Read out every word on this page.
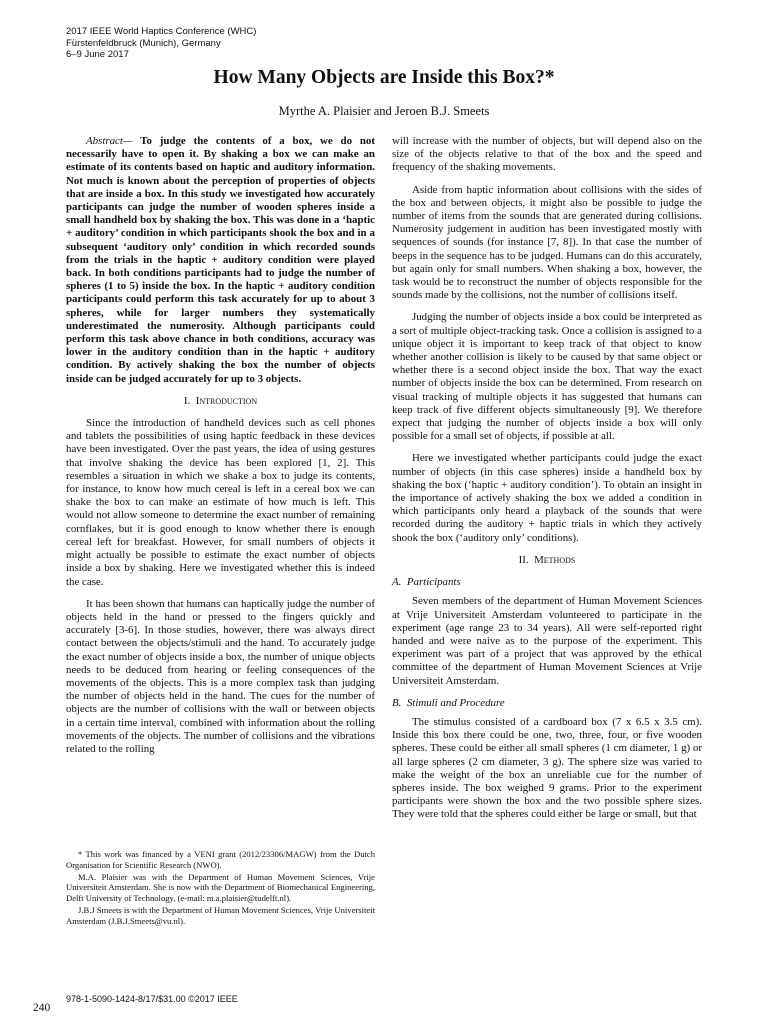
2017 IEEE World Haptics Conference (WHC)
Fürstenfeldbruck (Munich), Germany
6–9 June 2017
How Many Objects are Inside this Box?*
Myrthe A. Plaisier and Jeroen B.J. Smeets

Abstract— To judge the contents of a box, we do not necessarily have to open it. By shaking a box we can make an estimate of its contents based on haptic and auditory information. Not much is known about the perception of properties of objects that are inside a box. In this study we investigated how accurately participants can judge the number of wooden spheres inside a small handheld box by shaking the box. This was done in a ‘haptic + auditory’ condition in which participants shook the box and in a subsequent ‘auditory only’ condition in which recorded sounds from the trials in the haptic + auditory condition were played back. In both conditions participants had to judge the number of spheres (1 to 5) inside the box. In the haptic + auditory condition participants could perform this task accurately for up to about 3 spheres, while for larger numbers they systematically underestimated the numerosity. Although participants could perform this task above chance in both conditions, accuracy was lower in the auditory condition than in the haptic + auditory condition. By actively shaking the box the number of objects inside can be judged accurately for up to 3 objects.

I. Introduction

Since the introduction of handheld devices such as cell phones and tablets the possibilities of using haptic feedback in these devices have been investigated. Over the past years, the idea of using gestures that involve shaking the device has been explored [1, 2]. This resembles a situation in which we shake a box to judge its contents, for instance, to know how much cereal is left in a cereal box we can shake the box to can make an estimate of how much is left. This would not allow someone to determine the exact number of remaining cornflakes, but it is good enough to know whether there is enough cereal left for breakfast. However, for small numbers of objects it might actually be possible to estimate the exact number of objects inside a box by shaking. Here we investigated whether this is indeed the case.

It has been shown that humans can haptically judge the number of objects held in the hand or pressed to the fingers quickly and accurately [3-6]. In those studies, however, there was always direct contact between the objects/stimuli and the hand. To accurately judge the exact number of objects inside a box, the number of unique objects needs to be deduced from hearing or feeling consequences of the movements of the objects. This is a more complex task than judging the number of objects held in the hand. The cues for the number of objects are the number of collisions with the wall or between objects in a certain time interval, combined with information about the rolling movements of the objects. The number of collisions and the vibrations related to the rolling

will increase with the number of objects, but will depend also on the size of the objects relative to that of the box and the speed and frequency of the shaking movements.

Aside from haptic information about collisions with the sides of the box and between objects, it might also be possible to judge the number of items from the sounds that are generated during collisions. Numerosity judgement in audition has been investigated mostly with sequences of sounds (for instance [7, 8]). In that case the number of beeps in the sequence has to be judged. Humans can do this accurately, but again only for small numbers. When shaking a box, however, the task would be to reconstruct the number of objects responsible for the sounds made by the collisions, not the number of collisions itself.

Judging the number of objects inside a box could be interpreted as a sort of multiple object-tracking task. Once a collision is assigned to a unique object it is important to keep track of that object to know whether another collision is likely to be caused by that same object or whether there is a second object inside the box. That way the exact number of objects inside the box can be determined. From research on visual tracking of multiple objects it has suggested that humans can keep track of five different objects simultaneously [9]. We therefore expect that judging the number of objects inside a box will only possible for a small set of objects, if possible at all.

Here we investigated whether participants could judge the exact number of objects (in this case spheres) inside a handheld box by shaking the box (‘haptic + auditory condition’). To obtain an insight in the importance of actively shaking the box we added a condition in which participants only heard a playback of the sounds that were recorded during the auditory + haptic trials in which they actively shook the box (‘auditory only’ conditions).

II. Methods
A. Participants

Seven members of the department of Human Movement Sciences at Vrije Universiteit Amsterdam volunteered to participate in the experiment (age range 23 to 34 years). All were self-reported right handed and were naive as to the purpose of the experiment. This experiment was part of a project that was approved by the ethical committee of the department of Human Movement Sciences at Vrije Universiteit Amsterdam.

B. Stimuli and Procedure

The stimulus consisted of a cardboard box (7 x 6.5 x 3.5 cm). Inside this box there could be one, two, three, four, or five wooden spheres. These could be either all small spheres (1 cm diameter, 1 g) or all large spheres (2 cm diameter, 3 g). The sphere size was varied to make the weight of the box an unreliable cue for the number of spheres inside. The box weighed 9 grams. Prior to the experiment participants were shown the box and the two possible sphere sizes. They were told that the spheres could either be large or small, but that

* This work was financed by a VENI grant (2012/23306/MAGW) from the Dutch Organisation for Scientific Research (NWO).

M.A. Plaisier was with the Department of Human Movement Sciences, Vrije Universiteit Amsterdam. She is now with the Department of Biomechanical Engineering, Delft University of Technology, (e-mail: m.a.plaisier@tudelft.nl).

J.B.J Smeets is with the Department of Human Movement Sciences, Vrije Universiteit Amsterdam (J.B.J.Smeets@vu.nl).

978-1-5090-1424-8/17/$31.00 ©2017 IEEE
240
